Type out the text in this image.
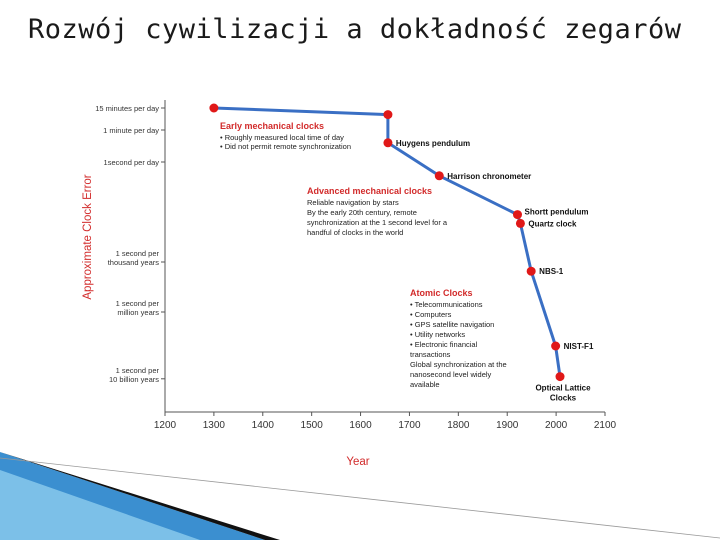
Rozwój cywilizacji a dokładność zegarów
15 minutes per day
1 minute per day
1second per day
1 second per
thousand years
1 second per
million years
1 second per
10 billion years
1200	1300	1400	1500	1600	1700	1800	1900	2000	2100
Year
Approximate Clock Error
Huygens pendulum
Harrison chronometer
Shortt pendulum
Quartz clock
NBS-1
NIST-F1
Optical Lattice Clocks
Early mechanical clocks
• Roughly measured local time of day
• Did not permit remote synchronization
Advanced mechanical clocks
Reliable navigation by stars
By the early 20th century, remote
synchronization at the 1 second level for a
handful of clocks in the world
Atomic Clocks
• Telecommunications
• Computers
• GPS satellite navigation
• Utility networks
• Electronic financial
transactions
Global synchronization at the
nanosecond level widely
available
